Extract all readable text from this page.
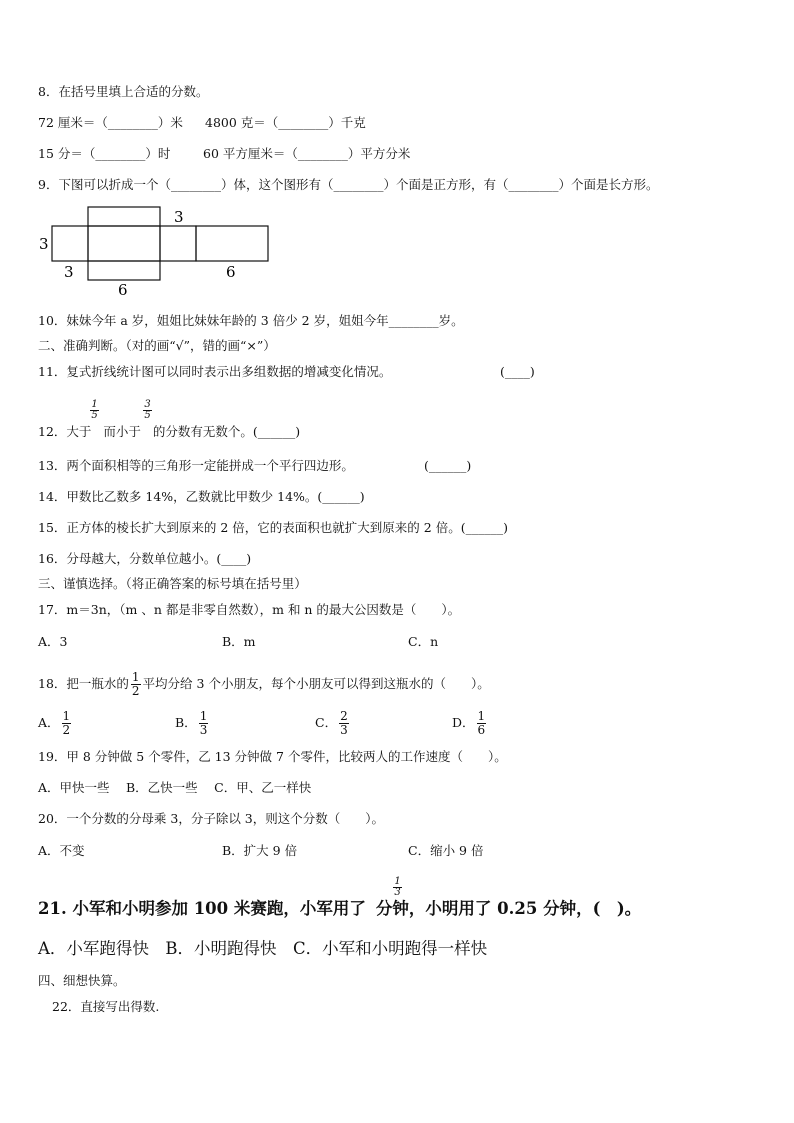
8．在括号里填上合适的分数。
72 厘米＝（________）米 4800 克＝（________）千克
15 分＝（________）时	60 平方厘米＝（________）平方分米
9．下图可以折成一个（________）体，这个图形有（________）个面是正方形，有（________）个面是长方形。
3
3
3
6
6
10．妹妹今年 a 岁，姐姐比妹妹年龄的 3 倍少 2 岁，姐姐今年________岁。
二、准确判断。（对的画“√”，错的画“×”）
11．复式折线统计图可以同时表示出多组数据的增减变化情况。	(____)
12．大于 而小于 的分数有无数个。(______)
1
5
3
5
13．两个面积相等的三角形一定能拼成一个平行四边形。	(______)
14．甲数比乙数多 14%，乙数就比甲数少 14%。(______)
15．正方体的棱长扩大到原来的 2 倍，它的表面积也就扩大到原来的 2 倍。(______)
16．分母越大，分数单位越小。(____)
三、谨慎选择。（将正确答案的标号填在括号里）
17．m＝3n，（m 、n 都是非零自然数），m 和 n 的最大公因数是（　　）。
A．3	B．m	C．n
18．把一瓶水的 $\frac{1}{2}$ 平均分给 3 个小朋友，每个小朋友可以得到这瓶水的（　　）。
A． $\frac{1}{2}$	B． $\frac{1}{3}$	C． $\frac{2}{3}$	D． $\frac{1}{6}$
19．甲 8 分钟做 5 个零件，乙 13 分钟做 7 个零件，比较两人的工作速度（　　）。
A．甲快一些　 B．乙快一些　 C．甲、乙一样快
20．一个分数的分母乘 3，分子除以 3，则这个分数（　　）。
A．不变	B．扩大 9 倍	C．缩小 9 倍
21. 小军和小明参加 100 米赛跑，小军用了 分钟，小明用了 0.25 分钟，(　)。
1
3
A．小军跑得快　B．小明跑得快　C．小军和小明跑得一样快
四、细想快算。
22．直接写出得数.
